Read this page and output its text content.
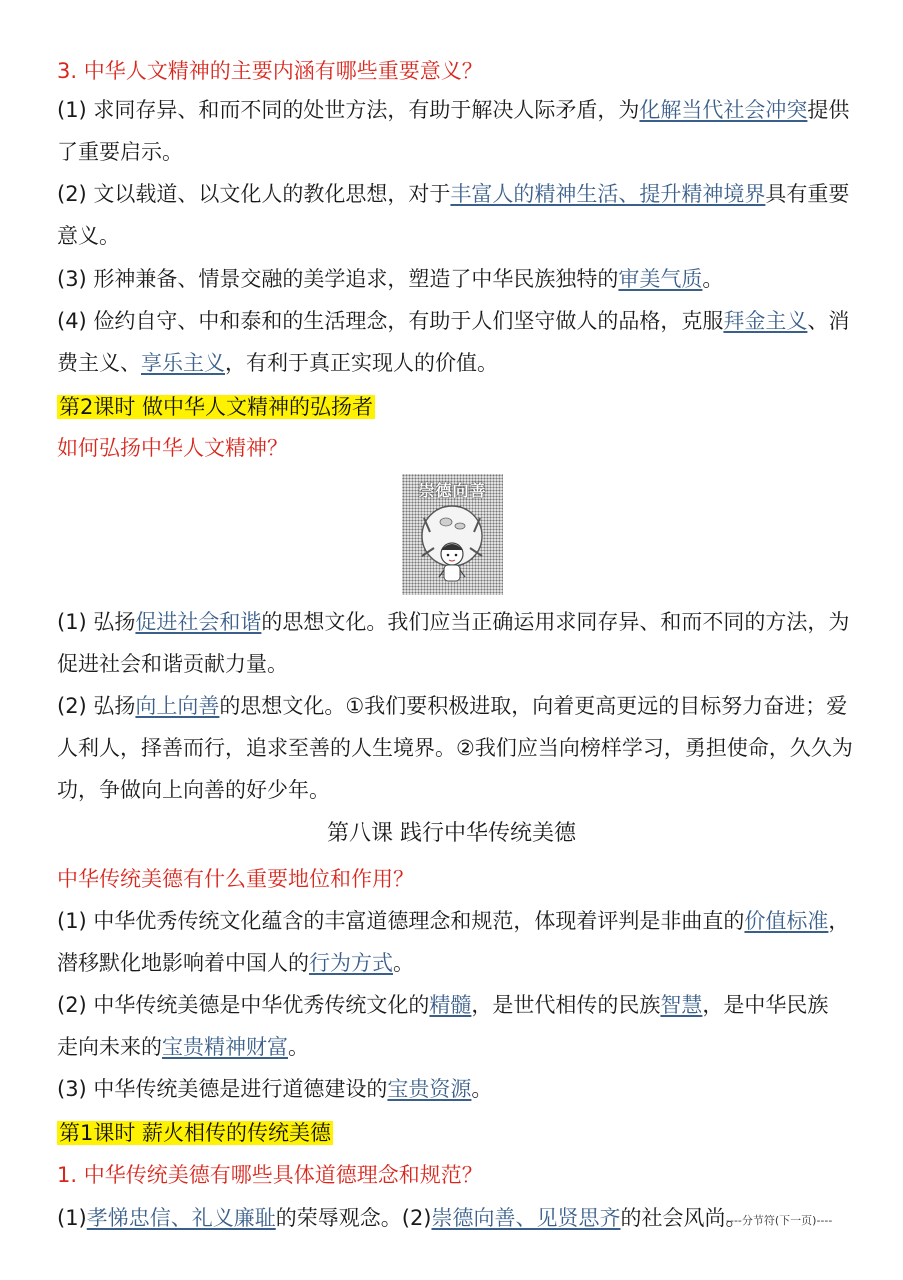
3. 中华人文精神的主要内涵有哪些重要意义？
(1) 求同存异、和而不同的处世方法，有助于解决人际矛盾，为化解当代社会冲突提供
了重要启示。
(2) 文以载道、以文化人的教化思想，对于丰富人的精神生活、提升精神境界具有重要
意义。
(3) 形神兼备、情景交融的美学追求，塑造了中华民族独特的审美气质。
(4) 俭约自守、中和泰和的生活理念，有助于人们坚守做人的品格，克服拜金主义、消
费主义、享乐主义，有利于真正实现人的价值。
第2课时 做中华人文精神的弘扬者
如何弘扬中华人文精神？
崇德向善
(1) 弘扬促进社会和谐的思想文化。我们应当正确运用求同存异、和而不同的方法，为
促进社会和谐贡献力量。
(2) 弘扬向上向善的思想文化。①我们要积极进取，向着更高更远的目标努力奋进；爱
人利人，择善而行，追求至善的人生境界。②我们应当向榜样学习，勇担使命，久久为
功，争做向上向善的好少年。
第八课 践行中华传统美德
中华传统美德有什么重要地位和作用？
(1) 中华优秀传统文化蕴含的丰富道德理念和规范，体现着评判是非曲直的价值标准，
潜移默化地影响着中国人的行为方式。
(2) 中华传统美德是中华优秀传统文化的精髓，是世代相传的民族智慧，是中华民族
走向未来的宝贵精神财富。
(3) 中华传统美德是进行道德建设的宝贵资源。
第1课时 薪火相传的传统美德
1. 中华传统美德有哪些具体道德理念和规范？
(1)孝悌忠信、礼义廉耻的荣辱观念。(2)崇德向善、见贤思齐的社会风尚。
----分节符(下一页)----
